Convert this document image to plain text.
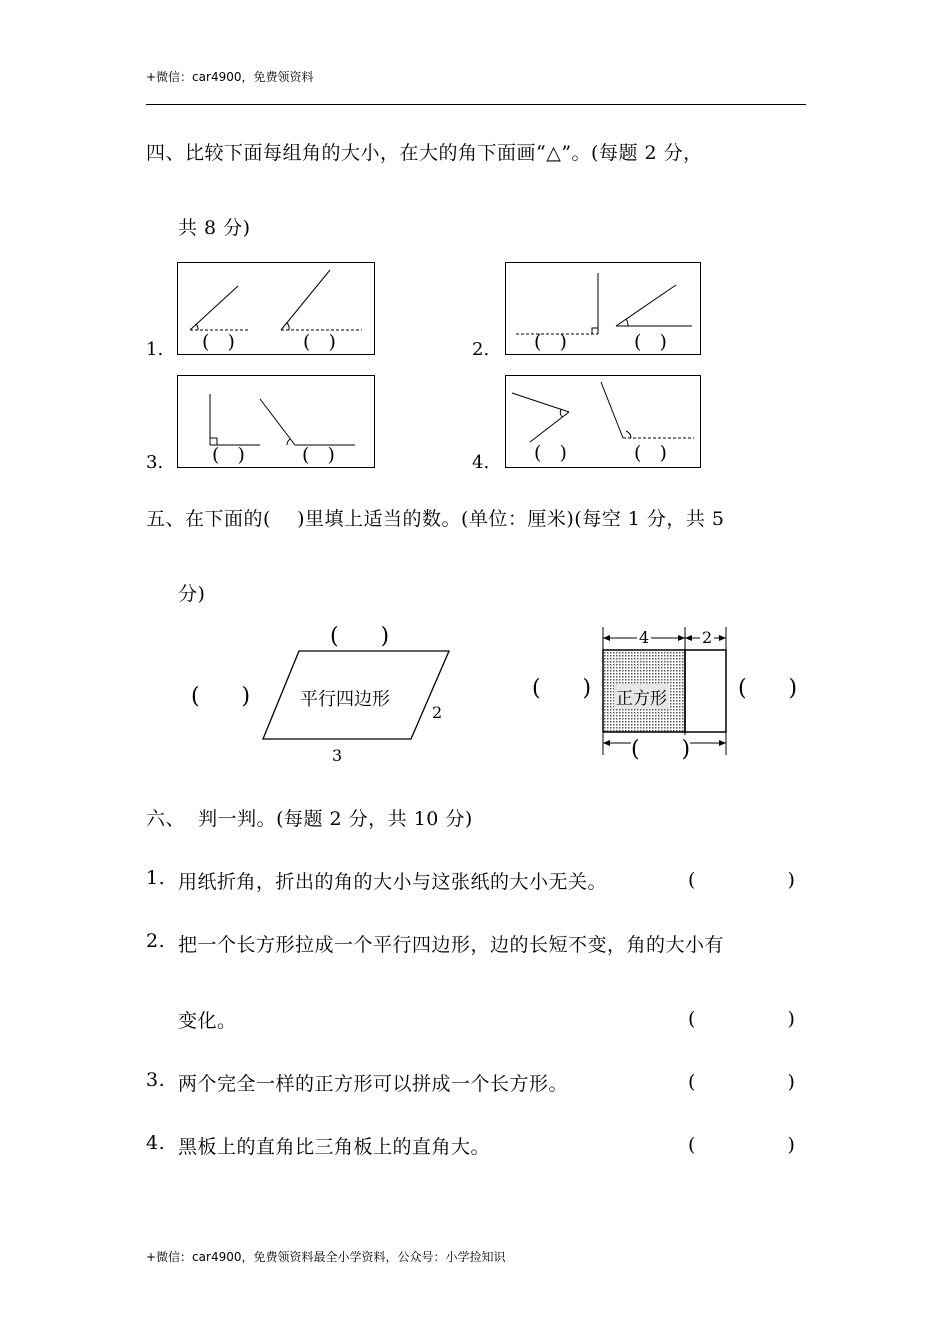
+微信：car4900，免费领资料
四、比较下面每组角的大小，在大的角下面画“△”。(每题 2 分，
共 8 分)
1. (   )	(   )	2. (   )	(   )
3.	(   )	(   )	4. (   )	(   )
五、在下面的(    )里填上适当的数。(单位：厘米)(每空 1 分，共 5
分)
(      )
(      )	平行四边形
2
3
4	2
正方形
(      )	(      )
(      )
六、  判一判。(每题 2 分，共 10 分)
1. 用纸折角，折出的角的大小与这张纸的大小无关。	(              )
2. 把一个长方形拉成一个平行四边形，边的长短不变，角的大小有
变化。	(              )
3. 两个完全一样的正方形可以拼成一个长方形。	(              )
4. 黑板上的直角比三角板上的直角大。	(              )
+微信：car4900，免费领资料最全小学资料，公众号：小学捡知识
